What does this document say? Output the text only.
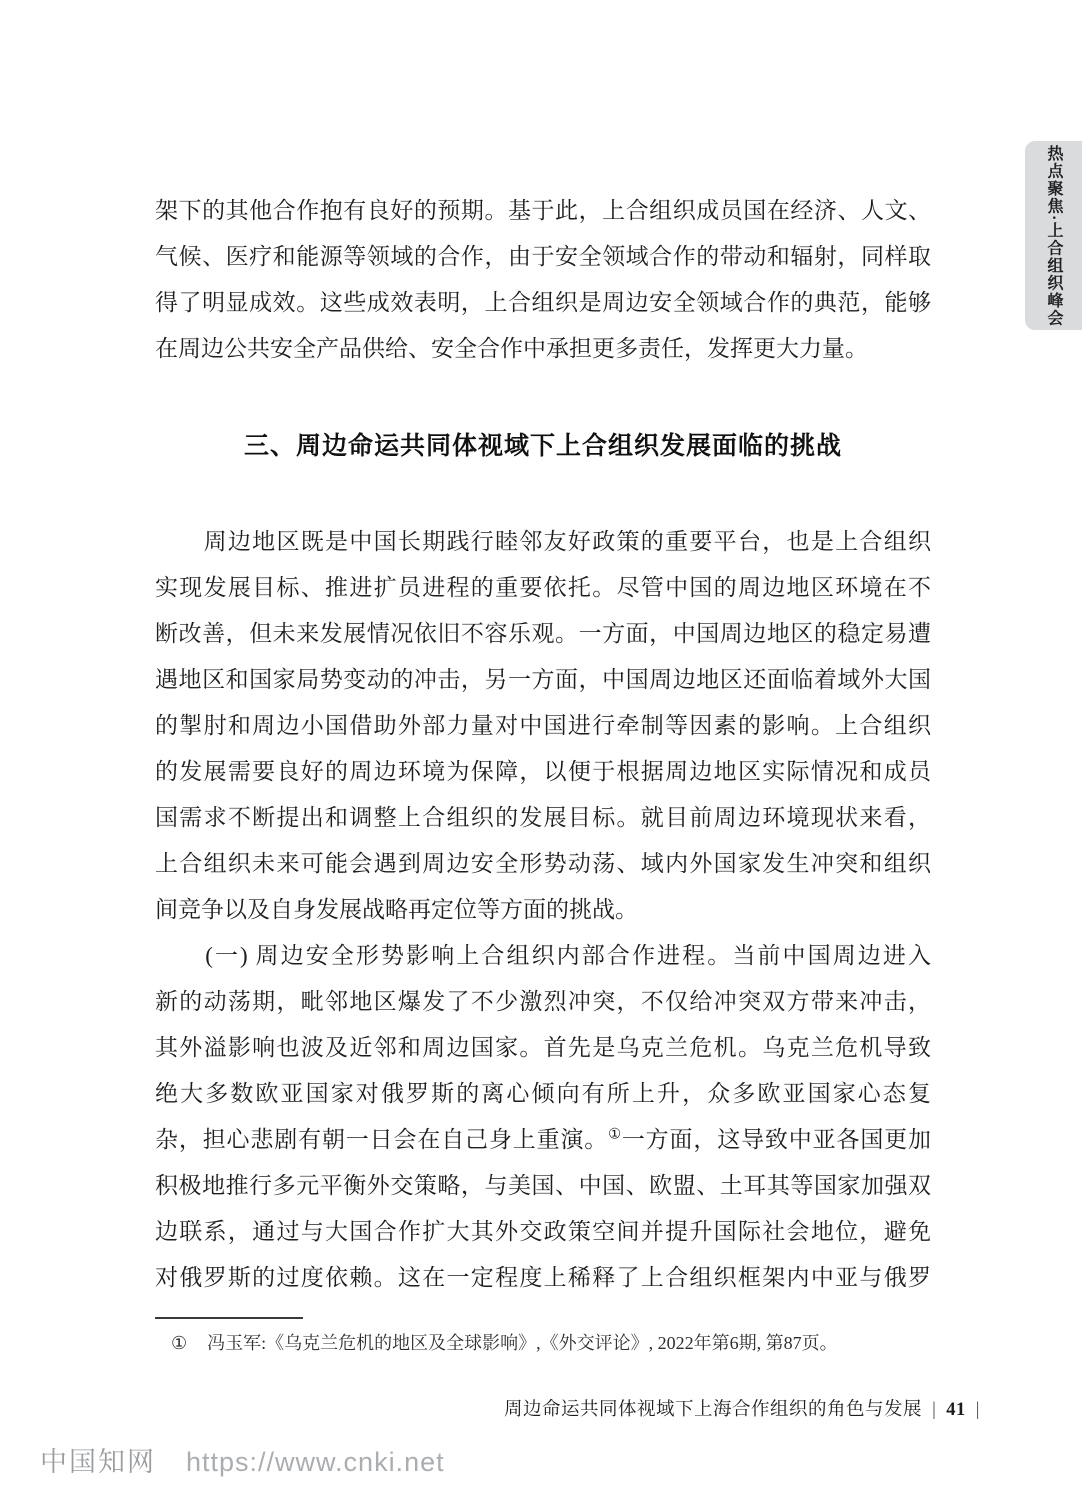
热点聚焦·上合组织峰会
架下的其他合作抱有良好的预期。基于此，上合组织成员国在经济、人文、
气候、医疗和能源等领域的合作，由于安全领域合作的带动和辐射，同样取
得了明显成效。这些成效表明，上合组织是周边安全领域合作的典范，能够
在周边公共安全产品供给、安全合作中承担更多责任，发挥更大力量。
三、周边命运共同体视域下上合组织发展面临的挑战
　　周边地区既是中国长期践行睦邻友好政策的重要平台，也是上合组织
实现发展目标、推进扩员进程的重要依托。尽管中国的周边地区环境在不
断改善，但未来发展情况依旧不容乐观。一方面，中国周边地区的稳定易遭
遇地区和国家局势变动的冲击，另一方面，中国周边地区还面临着域外大国
的掣肘和周边小国借助外部力量对中国进行牵制等因素的影响。上合组织
的发展需要良好的周边环境为保障，以便于根据周边地区实际情况和成员
国需求不断提出和调整上合组织的发展目标。就目前周边环境现状来看，
上合组织未来可能会遇到周边安全形势动荡、域内外国家发生冲突和组织
间竞争以及自身发展战略再定位等方面的挑战。
　　(一) 周边安全形势影响上合组织内部合作进程。当前中国周边进入
新的动荡期，毗邻地区爆发了不少激烈冲突，不仅给冲突双方带来冲击，
其外溢影响也波及近邻和周边国家。首先是乌克兰危机。乌克兰危机导致
绝大多数欧亚国家对俄罗斯的离心倾向有所上升，众多欧亚国家心态复
杂，担心悲剧有朝一日会在自己身上重演。①一方面，这导致中亚各国更加
积极地推行多元平衡外交策略，与美国、中国、欧盟、土耳其等国家加强双
边联系，通过与大国合作扩大其外交政策空间并提升国际社会地位，避免
对俄罗斯的过度依赖。这在一定程度上稀释了上合组织框架内中亚与俄罗
① 冯玉军:《乌克兰危机的地区及全球影响》,《外交评论》, 2022年第6期, 第87页。
周边命运共同体视域下上海合作组织的角色与发展 | 41 |
中国知网 https://www.cnki.net
